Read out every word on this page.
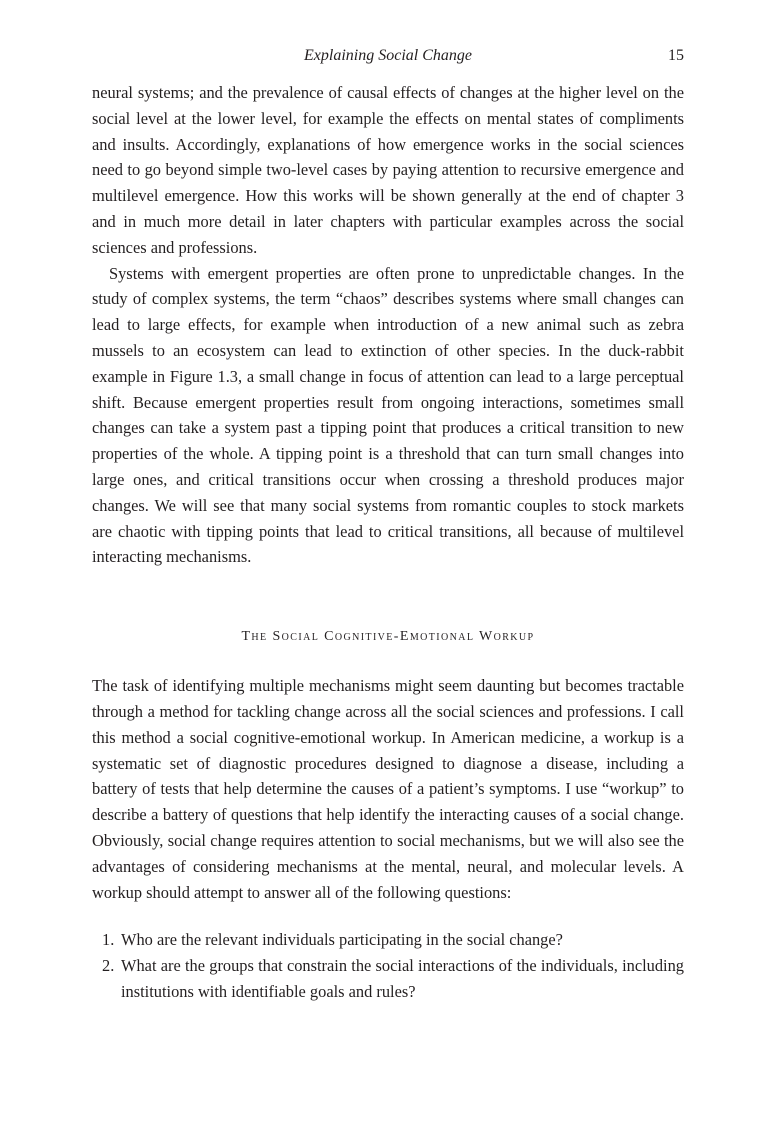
Explaining Social Change	15

neural systems; and the prevalence of causal effects of changes at the higher level on the social level at the lower level, for example the effects on mental states of compliments and insults. Accordingly, explanations of how emergence works in the social sciences need to go beyond simple two-level cases by paying attention to recursive emergence and multilevel emergence. How this works will be shown generally at the end of chapter 3 and in much more detail in later chapters with particular examples across the social sciences and professions.

Systems with emergent properties are often prone to unpredictable changes. In the study of complex systems, the term “chaos” describes systems where small changes can lead to large effects, for example when introduction of a new animal such as zebra mussels to an ecosystem can lead to extinction of other species. In the duck-rabbit example in Figure 1.3, a small change in focus of attention can lead to a large perceptual shift. Because emergent properties result from ongoing interactions, sometimes small changes can take a system past a tipping point that produces a critical transition to new properties of the whole. A tipping point is a threshold that can turn small changes into large ones, and critical transitions occur when crossing a threshold produces major changes. We will see that many social systems from romantic couples to stock markets are chaotic with tipping points that lead to critical transitions, all because of multilevel interacting mechanisms.

The Social Cognitive-Emotional Workup

The task of identifying multiple mechanisms might seem daunting but becomes tractable through a method for tackling change across all the social sciences and professions. I call this method a social cognitive-emotional workup. In American medicine, a workup is a systematic set of diagnostic procedures designed to diagnose a disease, including a battery of tests that help determine the causes of a patient’s symptoms. I use “workup” to describe a battery of questions that help identify the interacting causes of a social change. Obviously, social change requires attention to social mechanisms, but we will also see the advantages of considering mechanisms at the mental, neural, and molecular levels. A workup should attempt to answer all of the following questions:

1. Who are the relevant individuals participating in the social change?
2. What are the groups that constrain the social interactions of the individuals, including institutions with identifiable goals and rules?
